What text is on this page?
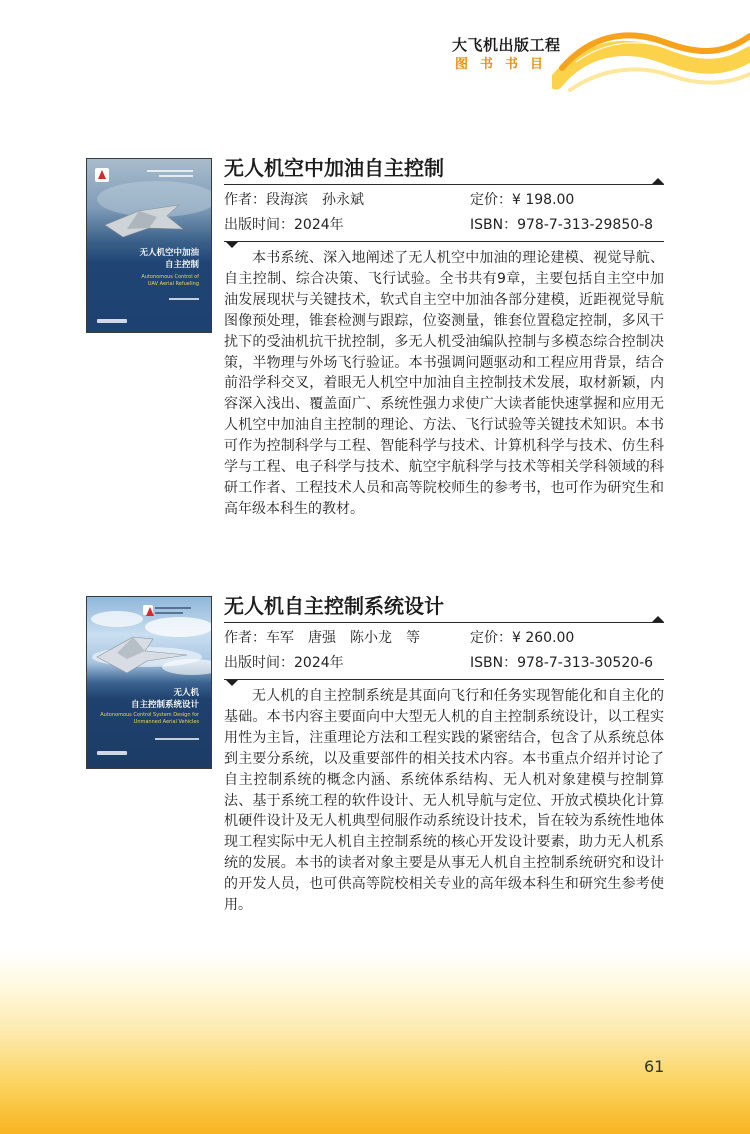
大飞机出版工程
图书书目
无人机空中加油
自主控制
Autonomous Control of
UAV Aerial Refueling
无人机空中加油自主控制
作者：段海滨　孙永斌	定价：¥ 198.00
出版时间：2024年	ISBN：978-7-313-29850-8

本书系统、深入地阐述了无人机空中加油的理论建模、视觉导航、自主控制、综合决策、飞行试验。全书共有9章，主要包括自主空中加油发展现状与关键技术，软式自主空中加油各部分建模，近距视觉导航图像预处理，锥套检测与跟踪，位姿测量，锥套位置稳定控制，多风干扰下的受油机抗干扰控制，多无人机受油编队控制与多模态综合控制决策，半物理与外场飞行验证。本书强调问题驱动和工程应用背景，结合前沿学科交叉，着眼无人机空中加油自主控制技术发展，取材新颖，内容深入浅出、覆盖面广、系统性强力求使广大读者能快速掌握和应用无人机空中加油自主控制的理论、方法、飞行试验等关键技术知识。本书可作为控制科学与工程、智能科学与技术、计算机科学与技术、仿生科学与工程、电子科学与技术、航空宇航科学与技术等相关学科领域的科研工作者、工程技术人员和高等院校师生的参考书，也可作为研究生和高年级本科生的教材。

无人机
自主控制系统设计
Autonomous Control System Design for
Unmanned Aerial Vehicles
无人机自主控制系统设计
作者：车军　唐强　陈小龙　等	定价：¥ 260.00
出版时间：2024年	ISBN：978-7-313-30520-6

无人机的自主控制系统是其面向飞行和任务实现智能化和自主化的基础。本书内容主要面向中大型无人机的自主控制系统设计，以工程实用性为主旨，注重理论方法和工程实践的紧密结合，包含了从系统总体到主要分系统，以及重要部件的相关技术内容。本书重点介绍并讨论了自主控制系统的概念内涵、系统体系结构、无人机对象建模与控制算法、基于系统工程的软件设计、无人机导航与定位、开放式模块化计算机硬件设计及无人机典型伺服作动系统设计技术，旨在较为系统性地体现工程实际中无人机自主控制系统的核心开发设计要素，助力无人机系统的发展。本书的读者对象主要是从事无人机自主控制系统研究和设计的开发人员，也可供高等院校相关专业的高年级本科生和研究生参考使用。

61
